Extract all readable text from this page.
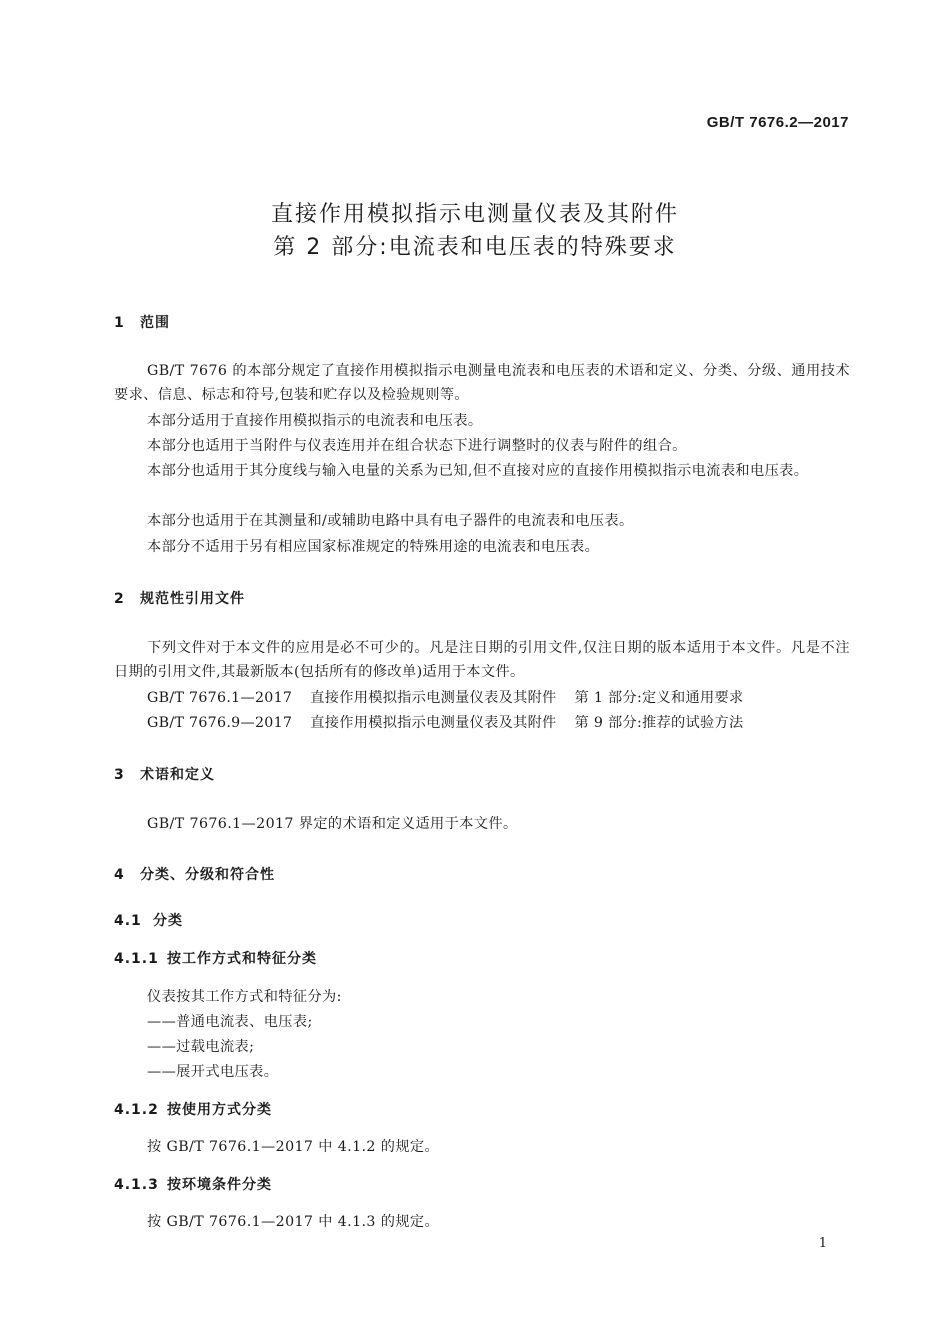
GB/T 7676.2—2017
直接作用模拟指示电测量仪表及其附件
第 2 部分:电流表和电压表的特殊要求
1 范围
GB/T 7676 的本部分规定了直接作用模拟指示电测量电流表和电压表的术语和定义、分类、分级、通用技术要求、信息、标志和符号,包装和贮存以及检验规则等。
本部分适用于直接作用模拟指示的电流表和电压表。
本部分也适用于当附件与仪表连用并在组合状态下进行调整时的仪表与附件的组合。
本部分也适用于其分度线与输入电量的关系为已知,但不直接对应的直接作用模拟指示电流表和电压表。
本部分也适用于在其测量和/或辅助电路中具有电子器件的电流表和电压表。
本部分不适用于另有相应国家标准规定的特殊用途的电流表和电压表。
2 规范性引用文件
下列文件对于本文件的应用是必不可少的。凡是注日期的引用文件,仅注日期的版本适用于本文件。凡是不注日期的引用文件,其最新版本(包括所有的修改单)适用于本文件。
GB/T 7676.1—2017 直接作用模拟指示电测量仪表及其附件 第 1 部分:定义和通用要求
GB/T 7676.9—2017 直接作用模拟指示电测量仪表及其附件 第 9 部分:推荐的试验方法
3 术语和定义
GB/T 7676.1—2017 界定的术语和定义适用于本文件。
4 分类、分级和符合性
4.1 分类
4.1.1 按工作方式和特征分类
仪表按其工作方式和特征分为:
——普通电流表、电压表;
——过载电流表;
——展开式电压表。
4.1.2 按使用方式分类
按 GB/T 7676.1—2017 中 4.1.2 的规定。
4.1.3 按环境条件分类
按 GB/T 7676.1—2017 中 4.1.3 的规定。
1
